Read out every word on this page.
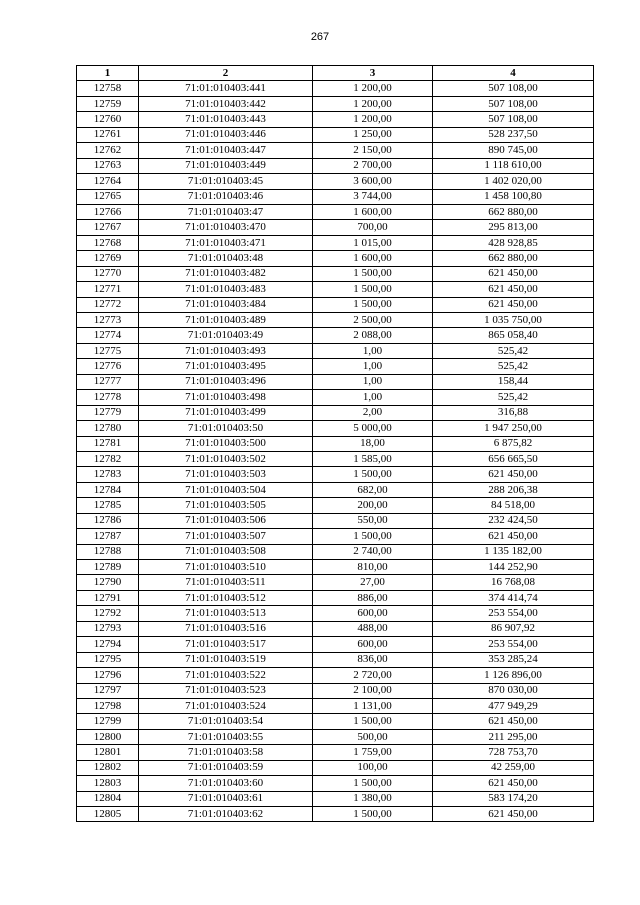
267
1	2	3	4
12758	71:01:010403:441	1 200,00	507 108,00
12759	71:01:010403:442	1 200,00	507 108,00
12760	71:01:010403:443	1 200,00	507 108,00
12761	71:01:010403:446	1 250,00	528 237,50
12762	71:01:010403:447	2 150,00	890 745,00
12763	71:01:010403:449	2 700,00	1 118 610,00
12764	71:01:010403:45	3 600,00	1 402 020,00
12765	71:01:010403:46	3 744,00	1 458 100,80
12766	71:01:010403:47	1 600,00	662 880,00
12767	71:01:010403:470	700,00	295 813,00
12768	71:01:010403:471	1 015,00	428 928,85
12769	71:01:010403:48	1 600,00	662 880,00
12770	71:01:010403:482	1 500,00	621 450,00
12771	71:01:010403:483	1 500,00	621 450,00
12772	71:01:010403:484	1 500,00	621 450,00
12773	71:01:010403:489	2 500,00	1 035 750,00
12774	71:01:010403:49	2 088,00	865 058,40
12775	71:01:010403:493	1,00	525,42
12776	71:01:010403:495	1,00	525,42
12777	71:01:010403:496	1,00	158,44
12778	71:01:010403:498	1,00	525,42
12779	71:01:010403:499	2,00	316,88
12780	71:01:010403:50	5 000,00	1 947 250,00
12781	71:01:010403:500	18,00	6 875,82
12782	71:01:010403:502	1 585,00	656 665,50
12783	71:01:010403:503	1 500,00	621 450,00
12784	71:01:010403:504	682,00	288 206,38
12785	71:01:010403:505	200,00	84 518,00
12786	71:01:010403:506	550,00	232 424,50
12787	71:01:010403:507	1 500,00	621 450,00
12788	71:01:010403:508	2 740,00	1 135 182,00
12789	71:01:010403:510	810,00	144 252,90
12790	71:01:010403:511	27,00	16 768,08
12791	71:01:010403:512	886,00	374 414,74
12792	71:01:010403:513	600,00	253 554,00
12793	71:01:010403:516	488,00	86 907,92
12794	71:01:010403:517	600,00	253 554,00
12795	71:01:010403:519	836,00	353 285,24
12796	71:01:010403:522	2 720,00	1 126 896,00
12797	71:01:010403:523	2 100,00	870 030,00
12798	71:01:010403:524	1 131,00	477 949,29
12799	71:01:010403:54	1 500,00	621 450,00
12800	71:01:010403:55	500,00	211 295,00
12801	71:01:010403:58	1 759,00	728 753,70
12802	71:01:010403:59	100,00	42 259,00
12803	71:01:010403:60	1 500,00	621 450,00
12804	71:01:010403:61	1 380,00	583 174,20
12805	71:01:010403:62	1 500,00	621 450,00
